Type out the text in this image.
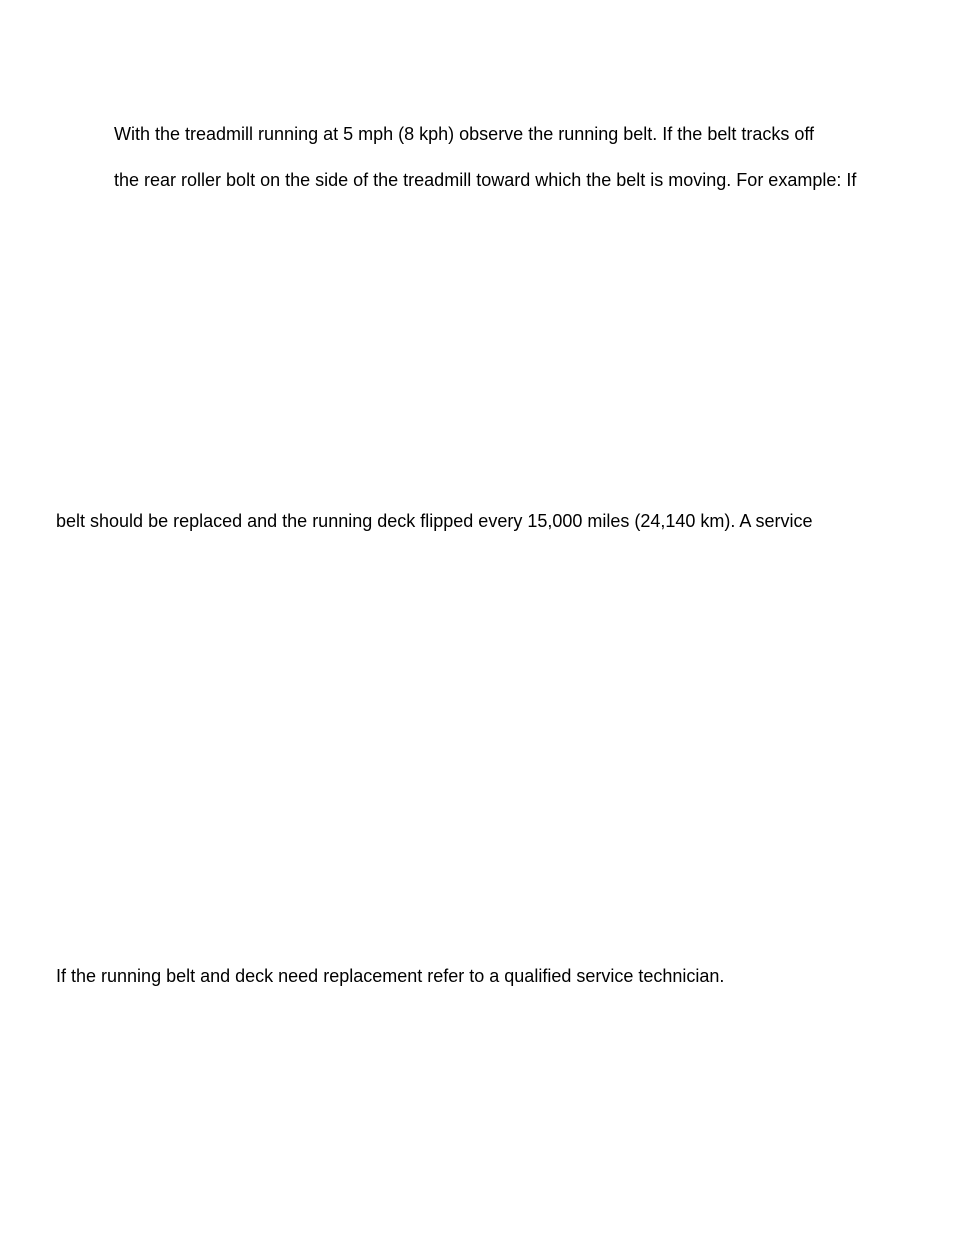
With the treadmill running at 5 mph (8 kph) observe the running belt. If the belt tracks off

the rear roller bolt on the side of the treadmill toward which the belt is moving. For example: If

belt should be replaced and the running deck flipped every 15,000 miles (24,140 km). A service

If the running belt and deck need replacement refer to a qualified service technician.
